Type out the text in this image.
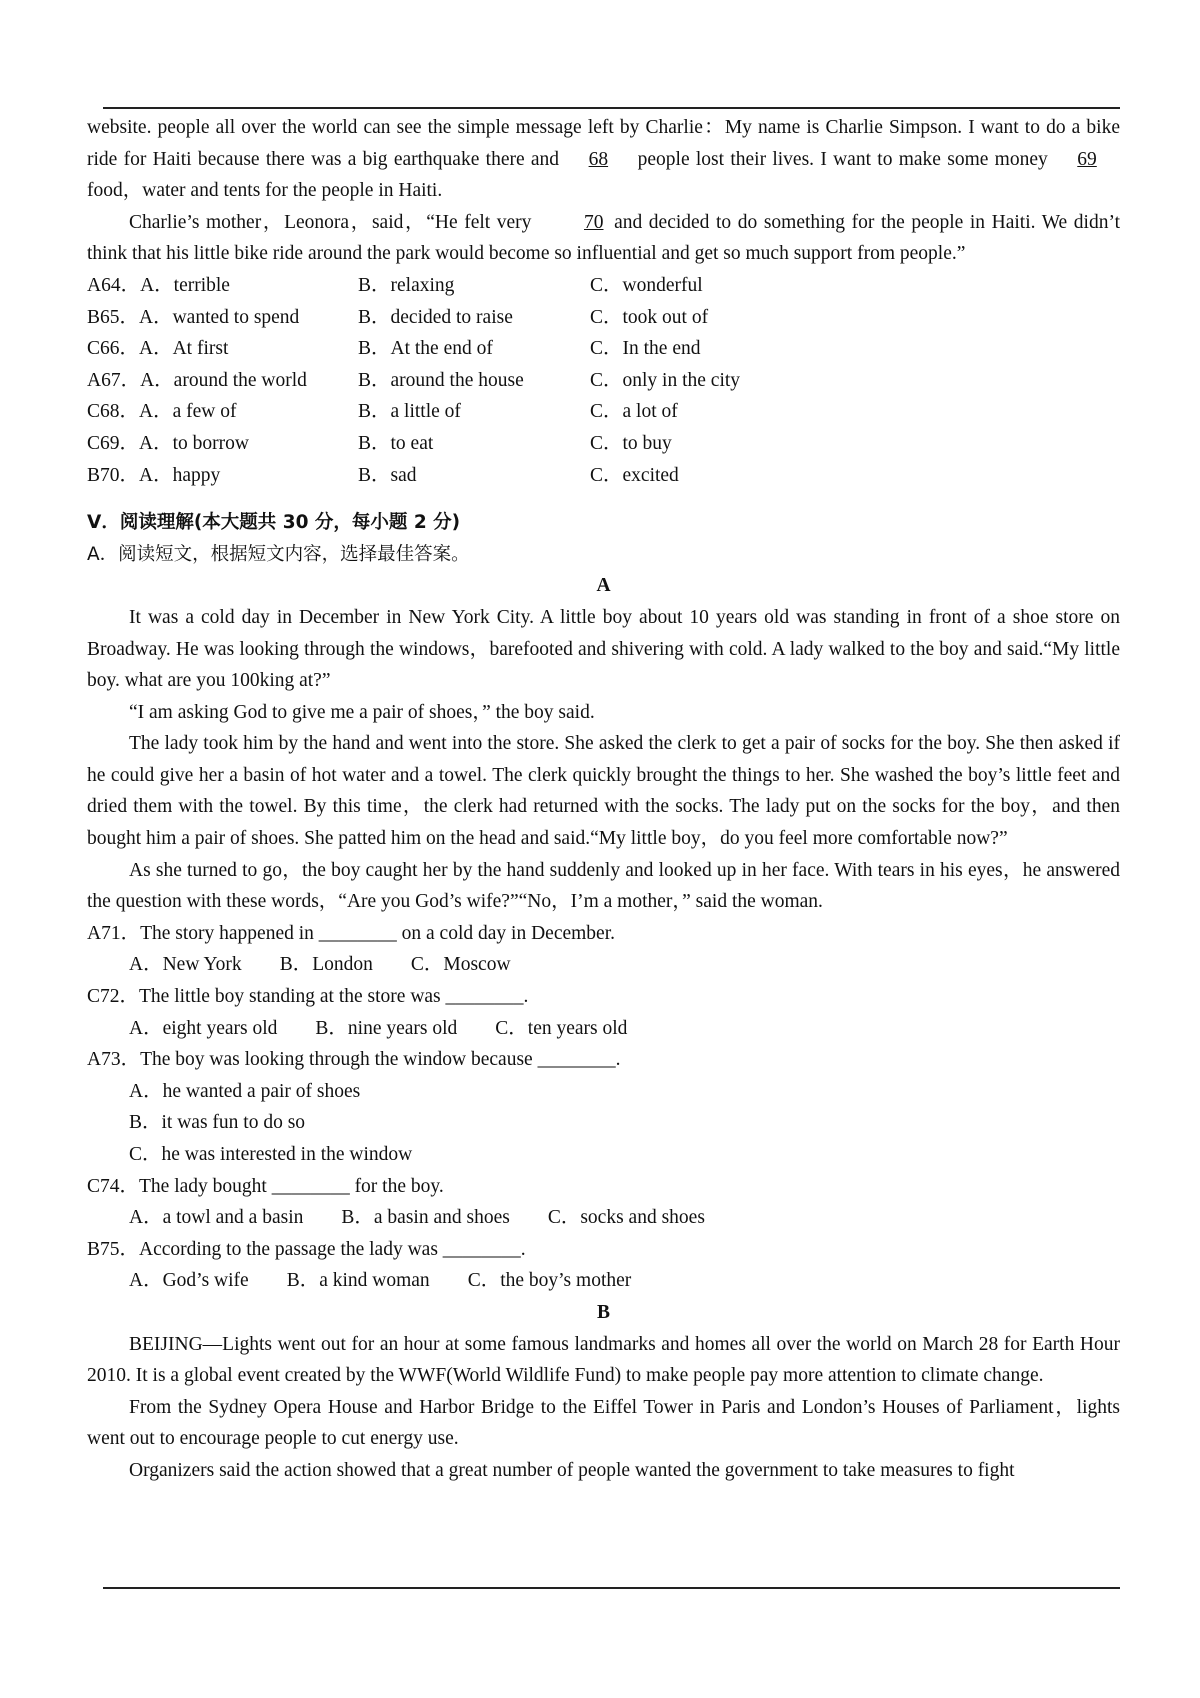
website. people all over the world can see the simple message left by Charlie：My name is Charlie Simpson. I want to do a bike ride for Haiti because there was a big earthquake there and 68 people lost their lives. I want to make some money 69 food，water and tents for the people in Haiti.

Charlie’s mother，Leonora，said，“He felt very	70 and decided to do something for the people in Haiti. We didn’t think that his little bike ride around the park would become so influential and get so much support from people.”

A64．A．terrible	B．relaxing	C．wonderful
B65．A．wanted to spend	B．decided to raise	C．took out of
C66．A．At first	B．At the end of	C．In the end
A67．A．around the world	B．around the house	C．only in the city
C68．A．a few of	B．a little of	C．a lot of
C69．A．to borrow	B．to eat	C．to buy
B70．A．happy	B．sad	C．excited
Ⅴ．阅读理解(本大题共 30 分，每小题 2 分)
A．阅读短文，根据短文内容，选择最佳答案。
A

It was a cold day in December in New York City. A little boy about 10 years old was standing in front of a shoe store on Broadway. He was looking through the windows，barefooted and shivering with cold. A lady walked to the boy and said.“My little boy. what are you 100king at?”

“I am asking God to give me a pair of shoes，” the boy said.

The lady took him by the hand and went into the store. She asked the clerk to get a pair of socks for the boy. She then asked if he could give her a basin of hot water and a towel. The clerk quickly brought the things to her. She washed the boy’s little feet and dried them with the towel. By this time，the clerk had returned with the socks. The lady put on the socks for the boy，and then bought him a pair of shoes. She patted him on the head and said.“My little boy，do you feel more comfortable now?”

As she turned to go，the boy caught her by the hand suddenly and looked up in her face. With tears in his eyes，he answered the question with these words，“Are you God’s wife?”“No，I’m a mother，” said the woman.

A71．The story happened in ________ on a cold day in December.
A．New York B．London C．Moscow
C72．The little boy standing at the store was ________.
A．eight years old B．nine years old C．ten years old
A73．The boy was looking through the window because ________.
A．he wanted a pair of shoes
B．it was fun to do so
C．he was interested in the window
C74．The lady bought ________ for the boy.
A．a towl and a basin B．a basin and shoes C．socks and shoes
B75．According to the passage the lady was ________.
A．God’s wife B．a kind woman C．the boy’s mother
B

BEIJING—Lights went out for an hour at some famous landmarks and homes all over the world on March 28 for Earth Hour 2010. It is a global event created by the WWF(World Wildlife Fund) to make people pay more attention to climate change.

From the Sydney Opera House and Harbor Bridge to the Eiffel Tower in Paris and London’s Houses of Parliament，lights went out to encourage people to cut energy use.

Organizers said the action showed that a great number of people wanted the government to take measures to fight
